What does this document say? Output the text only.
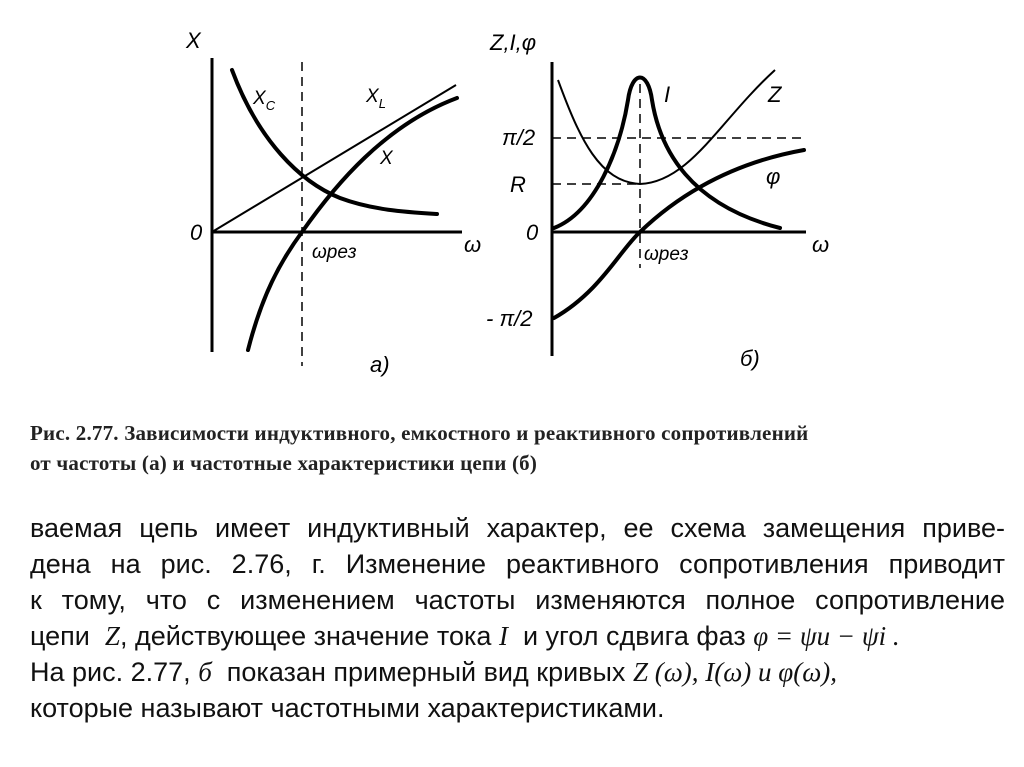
X
0	ω
ωрез
$X_C$	$X_L$
X
а)
Z,I,φ
π/2
R
0
- π/2
ω
ωрез
I	Z
φ
б)
Рис. 2.77. Зависимости индуктивного, емкостного и реактивного сопротивлений
от частоты (а) и частотные характеристики цепи (б)
ваемая цепь имеет индуктивный характер, ее схема замещения приве-
дена на рис. 2.76, г. Изменение реактивного сопротивления приводит
к тому, что с изменением частоты изменяются полное сопротивление
цепи Z, действующее значение тока I и угол сдвига фаз φ = ψu − ψi .
На рис. 2.77, б показан примерный вид кривых Z (ω), I(ω) и φ(ω),
которые называют частотными характеристиками.
